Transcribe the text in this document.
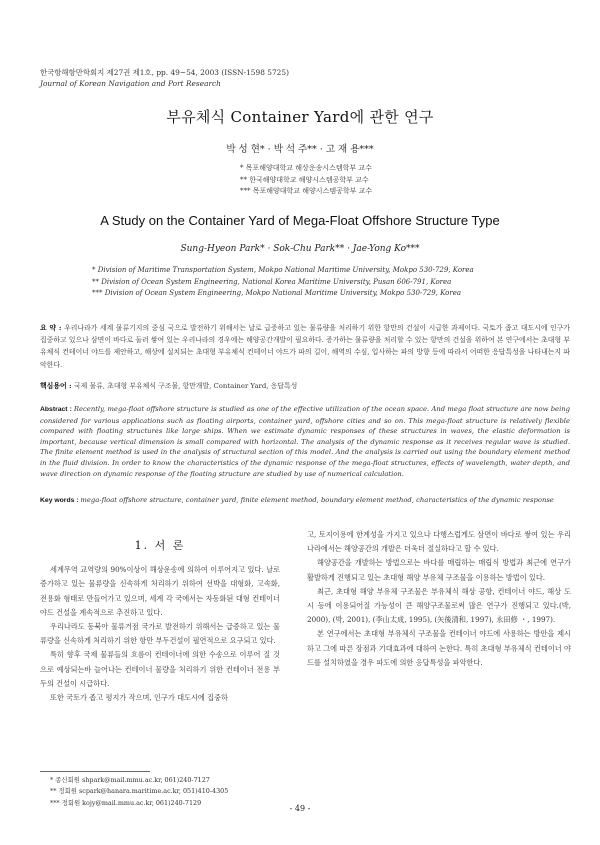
한국항해항만학회지 제27권 제1호, pp. 49~54, 2003 (ISSN-1598 5725)
Journal of Korean Navigation and Port Research
부유체식 Container Yard에 관한 연구
박 성 현* · 박 석 주** · 고 재 용***
* 목포해양대학교 해상운송시스템학부 교수
** 한국해양대학교 해양시스템공학부 교수
*** 목포해양대학교 해양시스템공학부 교수
A Study on the Container Yard of Mega-Float Offshore Structure Type
Sung-Hyeon Park* · Sok-Chu Park** · Jae-Yong Ko***
* Division of Maritime Transportation System, Mokpo National Maritime University, Mokpo 530-729, Korea
** Division of Ocean System Engineering, National Korea Maritime University, Pusan 606-791, Korea
*** Division of Ocean System Engineering, Mokpo National Maritime University, Mokpo 530-729, Korea
요 약 : 우리나라가 세계 물류기지의 중심 국으로 발전하기 위해서는 날로 급증하고 있는 물류량을 처리하기 위한 항만의 건설이 시급한 과제이다. 국토가 좁고 대도시에 인구가 집중하고 있으나 삼면이 바다로 둘러 쌓여 있는 우리나라의 경우에는 해양공간개발이 필요하다. 증가하는 물류량을 처리할 수 있는 항만의 건설을 위하여 본 연구에서는 초대형 부유체식 컨테이너 야드를 제안하고, 해상에 설치되는 초대형 부유체식 컨테이너 야드가 파의 길이, 해역의 수심, 입사하는 파의 방향 등에 따라서 어떠한 응답특성을 나타내는지 파악한다.
핵심용어 : 국제 물류, 초대형 부유체식 구조물, 항만개발, Container Yard, 응답특성
Abstract : Recently, mega-float offshore structure is studied as one of the effective utilization of the ocean space. And mega float structure are now being considered for various applications such as floating airports, container yard, offshore cities and so on. This mega-float structure is relatively flexible compared with floating structures like large ships. When we estimate dynamic responses of these structures in waves, the elastic deformation is important, because vertical dimension is small compared with horizontal. The analysis of the dynamic response as it receives regular wave is studied. The finite element method is used in the analysis of structural section of this model. And the analysis is carried out using the boundary element method in the fluid division. In order to know the characteristics of the dynamic response of the mega-float structures, effects of wavelength, water depth, and wave direction on dynamic response of the floating structure are studied by use of numerical calculation.
Key words : mega-float offshore structure, container yard, finite element method, boundary element method, characteristics of the dynamic response

1. 서 론

세계무역 교역량의 90%이상이 해상운송에 의하여 이루어지고 있다. 날로 증가하고 있는 물류량을 신속하게 처리하기 위하여 선박을 대형화, 고속화, 전용화 형태로 만들어가고 있으며, 세계 각 국에서는 자동화된 대형 컨테이너 야드 건설을 계속적으로 추진하고 있다.

우리나라도 동북아 물류거점 국가로 발전하기 위해서는 급증하고 있는 물류량을 신속하게 처리하기 위한 항만 부두건설이 필연적으로 요구되고 있다.

특히 향후 국제 물류들의 흐름이 컨테이너에 의한 수송으로 이루어 질 것으로 예상되는바 늘어나는 컨테이너 물량을 처리하기 위한 컨테이너 전용 부두의 건설이 시급하다.

또한 국토가 좁고 평지가 작으며, 인구가 대도시에 집중하

고, 토지이용에 한계성을 가지고 있으나 다행스럽게도 삼면이 바다로 쌓여 있는 우리나라에서는 해양공간의 개발은 더욱더 절실하다고 할 수 있다.

해양공간을 개발하는 방법으로는 바다를 매립하는 매립식 방법과 최근에 연구가 활발하게 진행되고 있는 초대형 해양 부유체 구조물을 이용하는 방법이 있다.

최근, 초대형 해양 부유체 구조물은 부유체식 해상 공항, 컨테이너 야드, 해상 도시 등에 이용되어질 가능성이 큰 해양구조물로써 많은 연구가 진행되고 있다.(박, 2000), (박, 2001), (李山太成, 1995), (矢後清和, 1997), 永田修 ・, 1997).

본 연구에서는 초대형 부유체식 구조물을 컨테이너 야드에 사용하는 방안을 제시하고 그에 따른 장점과 기대효과에 대하여 논한다. 특히 초대형 부유체식 컨테이너 야드를 설치하였을 경우 파도에 의한 응답특성을 파악한다.

* 종신회원 shpark@mail.mmu.ac.kr, 061)240-7127
** 정회원 scpark@hanara.maritime.ac.kr, 051)410-4305
*** 정회원 kojy@mail.mmu.ac.kr, 061)240-7129
- 49 -
